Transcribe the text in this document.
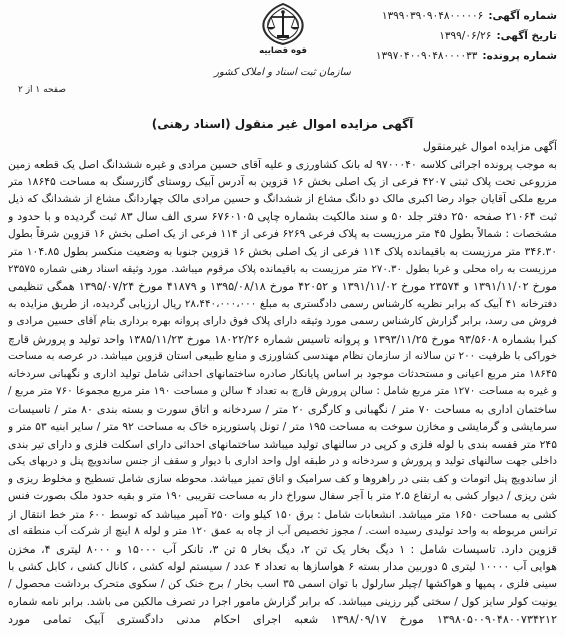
شماره آگهی:
۱۳۹۹۰۳۹۰۹۰۴۸۰۰۰۰۰۶
تاریخ آگهی:
۱۳۹۹/۰۶/۲۶
شماره پرونده:
۱۳۹۷۰۴۰۰۹۰۴۸۰۰۰۰۳۳
قوه قضاییه
سازمان ثبت اسناد و املاک کشور
صفحه ۱ از ۲
آگهی مزایده اموال غیر منقول (اسناد رهنی)
آگهی مزایده اموال غیرمنقول
به موجب پرونده اجرائی کلاسه ۹۷۰۰۰۴۰ له بانک کشاورزی و علیه آقای حسین مرادی و غیره ششدانگ اصل یک قطعه زمین
مزروعی تحت پلاک ثبتی ۴۲۰۷ فرعی از یک اصلی بخش ۱۶ قزوین به آدرس آبیک روستای گازرسنگ به مساحت ۱۸۶۴۵ متر
مربع ملکی آقایان جواد رضا اکبری مالک دو دانگ مشاع از ششدانگ و حسین مرادی مالک چهاردانگ مشاع از ششدانگ که ذیل
ثبت ۲۱۰۶۴ صفحه ۲۵۰ دفتر جلد ۵۰ و سند مالکیت بشماره چاپی ۶۷۶۰۱۰۵ سری الف سال ۸۳ ثبت گردیده و با حدود و
مشخصات : شمالاً بطول ۴۵ متر مرزیست به پلاک فرعی ۶۲۶۹ فرعی از ۱۱۴ فرعی از یک اصلی بخش ۱۶ قزوین شرقاً بطول
۳۴۶.۳۰ متر مرزیست به باقیمانده پلاک ۱۱۴ فرعی از یک اصلی بخش ۱۶ قزوین جنوبا به وضعیت منکسر بطول ۱۰۴.۸۵ متر
مرزیست به راه محلی و غربا بطول ۲۷۰.۳۰ متر مرزیست به باقیمانده پلاک مرقوم میباشد. مورد وثیقه اسناد رهنی شماره ۲۳۵۷۵
مورخ ۱۳۹۱/۱۱/۰۲ و ۲۳۵۷۴ مورخ ۱۳۹۱/۱۱/۰۲ و ۴۲۰۵۲ مورخ ۱۳۹۵/۰۸/۱۸ و ۴۱۸۷۹ مورخ ۱۳۹۵/۰۷/۲۴ همگی تنظیمی
دفترخانه ۴۱ آبیک که برابر نظریه کارشناس رسمی دادگستری به مبلغ ۲۸،۴۴۰،۰۰۰،۰۰۰ ریال ارزیابی گردیده، از طریق مزایده به
فروش می رسد، برابر گزارش کارشناس رسمی مورد وثیقه دارای پلاک فوق دارای پروانه بهره برداری بنام آقای حسین مرادی و
کبرا بشماره ۹۳/۵۶۰۸ مورخ ۱۳۹۳/۱۱/۲۵ و پروانه تاسیس شماره ۱۸۰۲۲/۲۶ مورخ ۱۳۸۵/۱۱/۲۳ واحد تولید و پرورش قارچ
خوراکی با ظرفیت ۲۰۰ تن سالانه از سازمان نظام مهندسی کشاورزی و منابع طبیعی استان قزوین میباشد. در عرصه به مساحت
۱۸۶۴۵ متر مربع اعیانی و مستحدثات موجود بر اساس پایانکار صادره ساختمانهای احداثی شامل تولید اداری و نگهبانی سردخانه
و غیره به مساحت ۱۲۷۰ متر مربع شامل : سالن پرورش قارچ به تعداد ۴ سالن و مساحت ۱۹۰ متر مربع مجموعا ۷۶۰ متر مربع /
ساختمان اداری به مساحت ۷۰ متر / نگهبانی و کارگری ۲۰ متر / سردخانه و اتاق سورت و بسته بندی ۸۰ متر / تاسیسات
سرمایشی و گرمایشی و مخازن سوخت به مساحت ۱۹۵ متر / تونل پاستوریزه خاک به مساحت ۹۲ متر / سایر ابنیه ۵۳ متر و
۲۴۵ متر قفسه بندی با لوله فلزی و کرپی در سالنهای تولید میباشد ساختمانهای احداثی دارای اسکلت فلزی و دارای تیر بندی
داخلی جهت سالنهای تولید و پرورش و سردخانه و در طبقه اول واحد اداری با دیوار و سقف از جنس ساندویچ پنل و دربهای یکی
از ساندویچ پنل اتومات و کف بتنی در راهروها و کف سرامیک و اتاق تمیز میباشد. محوطه سازی شامل تسطیح و مخلوط ریزی و
شن ریزی / دیوار کشی به ارتفاع ۲.۵ متر با آجر سفال سوراخ دار به مساحت تقریبی ۱۹۰ متر و بقیه حدود ملک بصورت فنس
کشی به مساحت ۱۶۵۰ متر میباشد. انشعابات شامل : برق ۱۵۰ کیلو وات ۲۵۰ آمپر میباشد که توسط ۶۰۰ متر خط انتقال از
ترانس مربوطه به واحد تولیدی رسیده است. / مجوز تخصیص آب از چاه به عمق ۱۲۰ متر و لوله ۸ اینچ از شرکت آب منطقه ای
قزوین دارد. تاسیسات شامل : ۱ دیگ بخار یک تن ۲، دیگ بخار ۵ تن ۳، تانکر آب ۱۵۰۰۰ و ۸۰۰۰ لیتری ۴، مخزن
هوایی آب ۱۰۰۰۰ لیتری ۵ دوربین مدار بسته ۶ هواسازها به تعداد ۴ عدد / سیستم لوله کشی ، کانال کشی ، کابل کشی با
سینی فلزی ، پمپها و هواکشها /چیلر سارلول با توان اسمی ۳۵ اسب بخار / برج خنک کن / سکوی متحرک برداشت محصول /
یونیت کولر سایز کول / سختی گیر رزینی میباشد. که برابر گزارش مامور اجرا در تصرف مالکین می باشد. برابر نامه شماره
۱۳۹۸۰۵۰۰۹۰۴۸۰۰۷۳۴۲۱۲ مورخ ۱۳۹۸/۰۹/۱۷ شعبه اجرای احکام مدنی دادگستری آبیک تمامی مورد
